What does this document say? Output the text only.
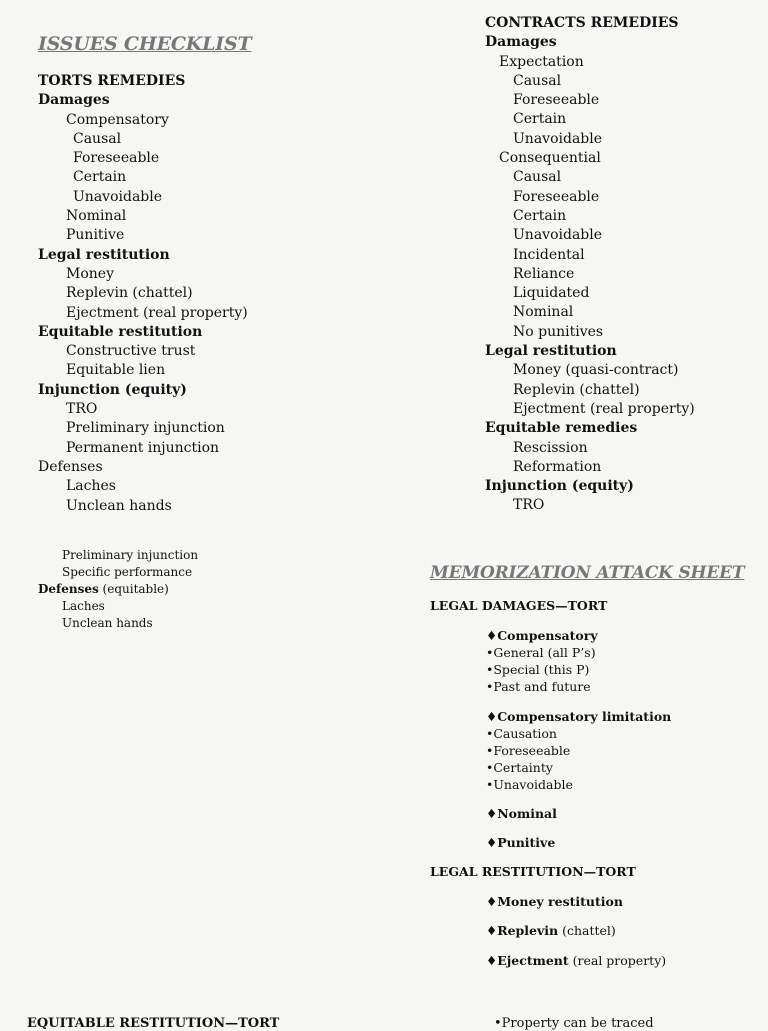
ISSUES CHECKLIST
TORTS REMEDIES
Damages
Compensatory
Causal
Foreseeable
Certain
Unavoidable
Nominal
Punitive
Legal restitution
Money
Replevin (chattel)
Ejectment (real property)
Equitable restitution
Constructive trust
Equitable lien
Injunction (equity)
TRO
Preliminary injunction
Permanent injunction
Defenses
Laches
Unclean hands
Preliminary injunction
Specific performance
Defenses (equitable)
Laches
Unclean hands
CONTRACTS REMEDIES
Damages
Expectation
Causal
Foreseeable
Certain
Unavoidable
Consequential
Causal
Foreseeable
Certain
Unavoidable
Incidental
Reliance
Liquidated
Nominal
No punitives
Legal restitution
Money (quasi-contract)
Replevin (chattel)
Ejectment (real property)
Equitable remedies
Rescission
Reformation
Injunction (equity)
TRO
MEMORIZATION ATTACK SHEET
LEGAL DAMAGES—TORT
♦Compensatory
•General (all P’s)
•Special (this P)
•Past and future
♦Compensatory limitation
•Causation
•Foreseeable
•Certainty
•Unavoidable
♦Nominal
♦Punitive
LEGAL RESTITUTION—TORT
♦Money restitution
♦Replevin (chattel)
♦Ejectment (real property)
EQUITABLE RESTITUTION—TORT	•Property can be traced
